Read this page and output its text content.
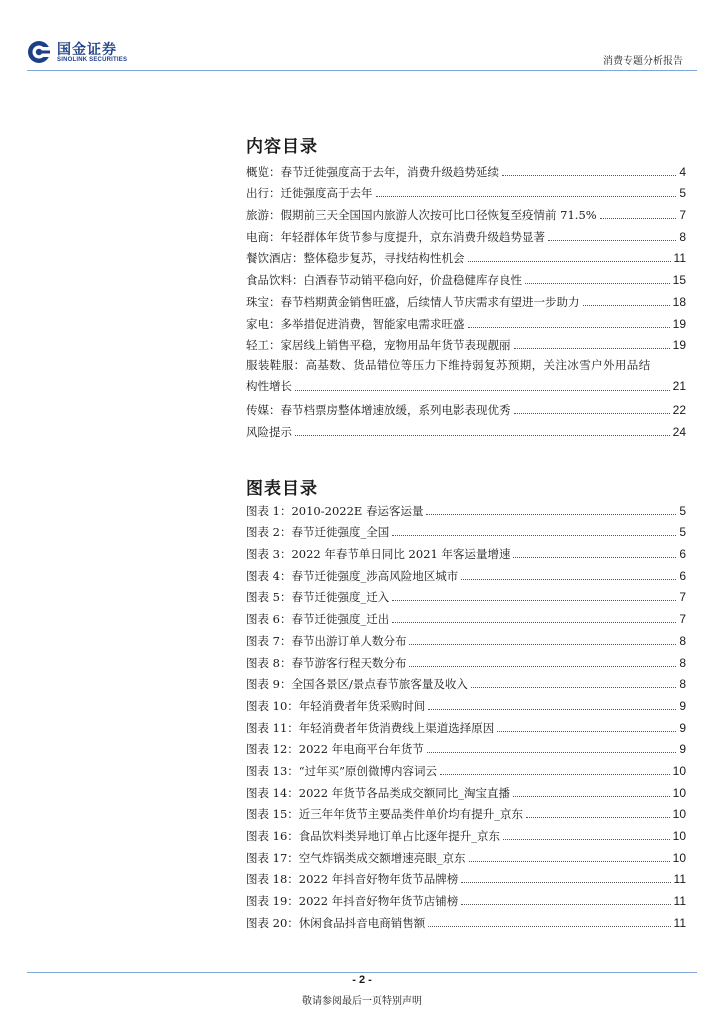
国金证券
SINOLINK SECURITIES	消费专题分析报告
内容目录
概览：春节迁徙强度高于去年，消费升级趋势延续	4
出行：迁徙强度高于去年	5
旅游：假期前三天全国国内旅游人次按可比口径恢复至疫情前 71.5%	7
电商：年轻群体年货节参与度提升，京东消费升级趋势显著	8
餐饮酒店：整体稳步复苏，寻找结构性机会	11
食品饮料：白酒春节动销平稳向好，价盘稳健库存良性	15
珠宝：春节档期黄金销售旺盛，后续情人节庆需求有望进一步助力	18
家电：多举措促进消费，智能家电需求旺盛	19
轻工：家居线上销售平稳，宠物用品年货节表现靓丽	19
服装鞋服：高基数、货品错位等压力下维持弱复苏预期，关注冰雪户外用品结
构性增长	21
传媒：春节档票房整体增速放缓，系列电影表现优秀	22
风险提示	24
图表目录
图表 1：2010-2022E 春运客运量	5
图表 2：春节迁徙强度_全国	5
图表 3：2022 年春节单日同比 2021 年客运量增速	6
图表 4：春节迁徙强度_涉高风险地区城市	6
图表 5：春节迁徙强度_迁入	7
图表 6：春节迁徙强度_迁出	7
图表 7：春节出游订单人数分布	8
图表 8：春节游客行程天数分布	8
图表 9：全国各景区/景点春节旅客量及收入	8
图表 10：年轻消费者年货采购时间	9
图表 11：年轻消费者年货消费线上渠道选择原因	9
图表 12：2022 年电商平台年货节	9
图表 13：“过年买”原创微博内容词云	10
图表 14：2022 年货节各品类成交额同比_淘宝直播	10
图表 15：近三年年货节主要品类件单价均有提升_京东	10
图表 16：食品饮料类异地订单占比逐年提升_京东	10
图表 17：空气炸锅类成交额增速亮眼_京东	10
图表 18：2022 年抖音好物年货节品牌榜	11
图表 19：2022 年抖音好物年货节店铺榜	11
图表 20：休闲食品抖音电商销售额	11
- 2 -
敬请参阅最后一页特别声明
